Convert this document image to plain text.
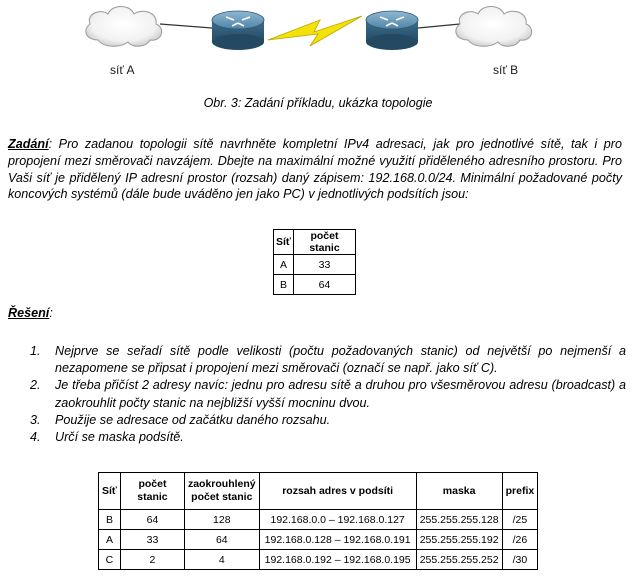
síť A	síť B
Obr. 3: Zadání příkladu, ukázka topologie

Zadání: Pro zadanou topologii sítě navrhněte kompletní IPv4 adresaci, jak pro jednotlivé sítě, tak i pro propojení mezi směrovači navzájem. Dbejte na maximální možné využití přiděleného adresního prostoru. Pro Vaši síť je přidělený IP adresní prostor (rozsah) daný zápisem: 192.168.0.0/24. Minimální požadované počty koncových systémů (dále bude uváděno jen jako PC) v jednotlivých podsítích jsou:

Síť	počet stanic
A	33
B	64
Řešení:
1. Nejprve se seřadí sítě podle velikosti (počtu požadovaných stanic) od největší po nejmenší a nezapomene se připsat i propojení mezi směrovači (označí se např. jako síť C).
2. Je třeba přičíst 2 adresy navíc: jednu pro adresu sítě a druhou pro všesměrovou adresu (broadcast) a zaokrouhlit počty stanic na nejbližší vyšší mocninu dvou.
3. Použije se adresace od začátku daného rozsahu.
4. Určí se maska podsítě.
Síť	počet stanic	zaokrouhlený počet stanic	rozsah adres v podsíti	maska	prefix
B	64	128	192.168.0.0 – 192.168.0.127	255.255.255.128	/25
A	33	64	192.168.0.128 – 192.168.0.191	255.255.255.192	/26
C	2	4	192.168.0.192 – 192.168.0.195	255.255.255.252	/30
